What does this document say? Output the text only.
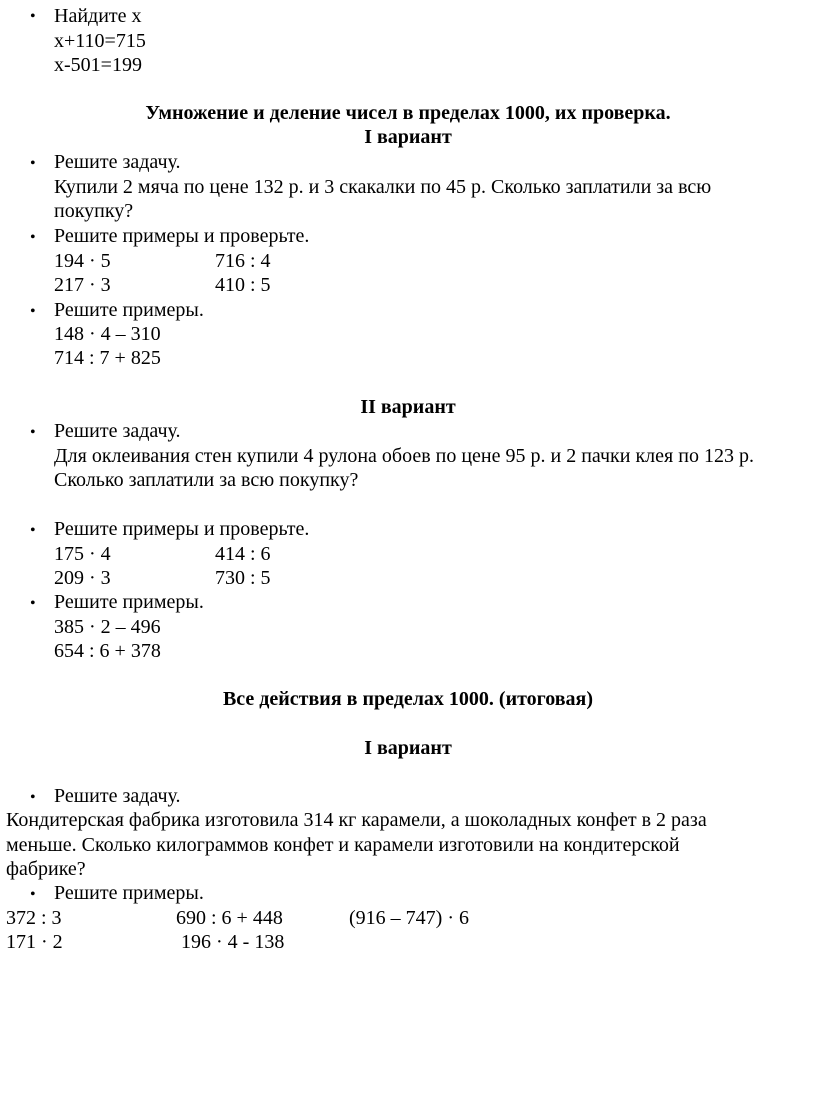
• Найдите х
х+110=715
х-501=199
Умножение и деление чисел в пределах 1000, их проверка.
I вариант
• Решите задачу.
Купили 2 мяча по цене 132 р. и 3 скакалки по 45 р. Сколько заплатили за всю
покупку?
• Решите примеры и проверьте.
194 · 5	716 : 4
217 · 3	410 : 5
• Решите примеры.
148 · 4 – 310
714 : 7 + 825
II вариант
• Решите задачу.
Для оклеивания стен купили 4 рулона обоев по цене 95 р. и 2 пачки клея по 123 р.
Сколько заплатили за всю покупку?
• Решите примеры и проверьте.
175 · 4	414 : 6
209 · 3	730 : 5
• Решите примеры.
385 · 2 – 496
654 : 6 + 378
Все действия в пределах 1000. (итоговая)
I вариант
• Решите задачу.
Кондитерская фабрика изготовила 314 кг карамели, а шоколадных конфет в 2 раза
меньше. Сколько килограммов конфет и карамели изготовили на кондитерской
фабрике?
• Решите примеры.
372 : 3	690 : 6 + 448	(916 – 747) · 6
171 · 2	196 · 4 - 138
